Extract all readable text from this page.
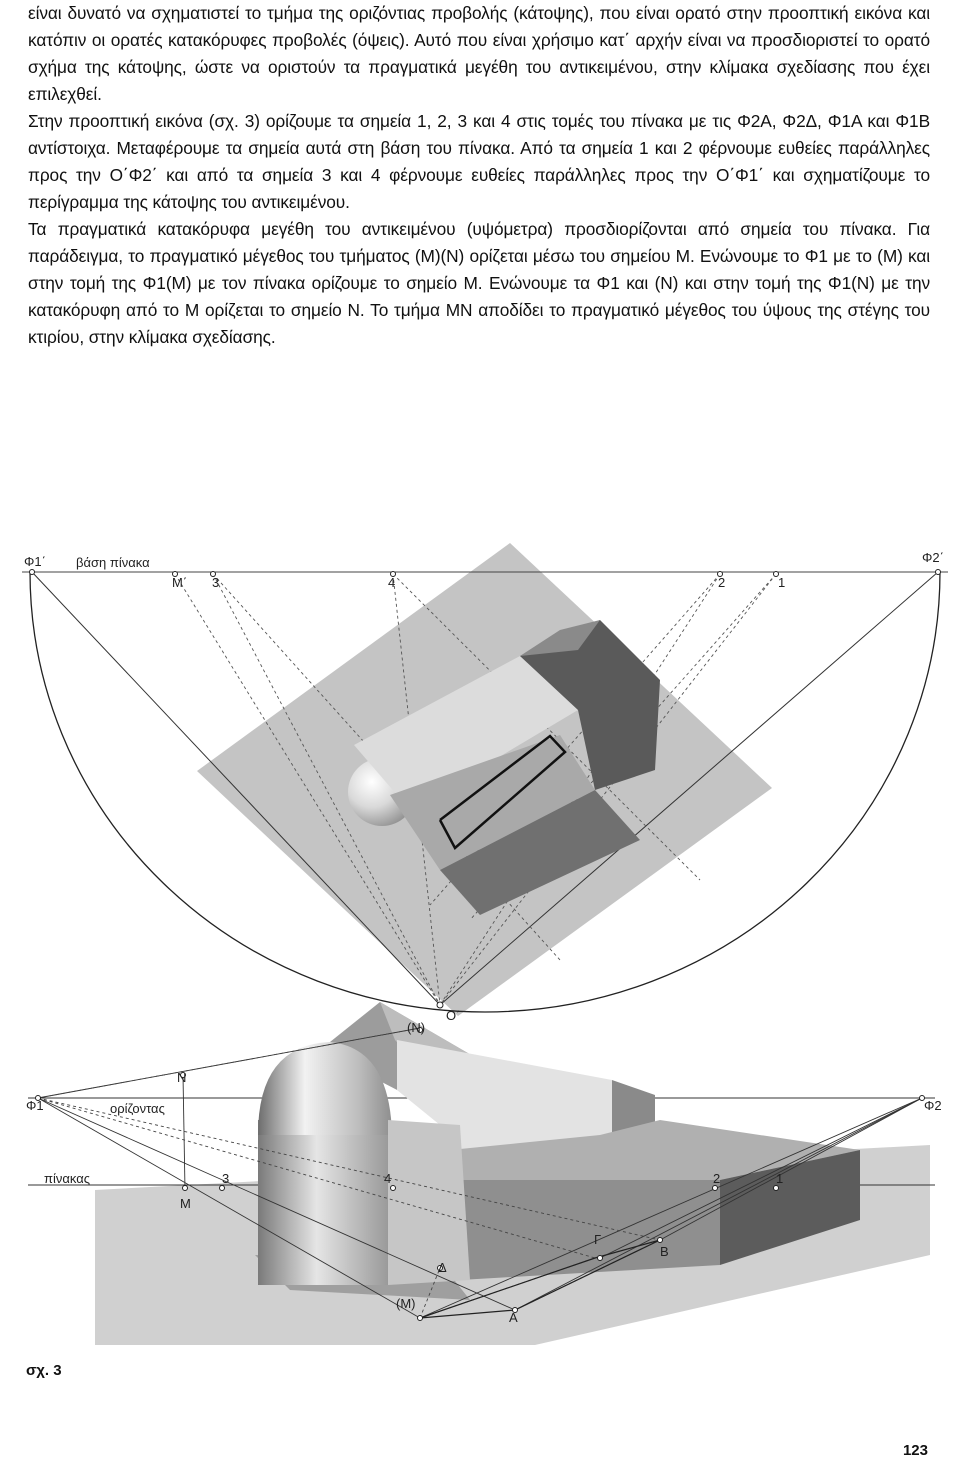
είναι δυνατό να σχηματιστεί το τμήμα της οριζόντιας προβολής (κάτοψης), που είναι ορατό στην προοπτική εικόνα και κατόπιν οι ορατές κατακόρυφες προβολές (όψεις). Αυτό που είναι χρήσιμο κατ΄ αρχήν είναι να προσδιοριστεί το ορατό σχήμα της κάτοψης, ώστε να οριστούν τα πραγματικά μεγέθη του αντικειμένου, στην κλίμακα σχεδίασης που έχει επιλεχθεί.

Στην προοπτική εικόνα (σχ. 3) ορίζουμε τα σημεία 1, 2, 3 και 4 στις τομές του πίνακα με τις Φ2Α, Φ2Δ, Φ1Α και Φ1Β αντίστοιχα. Μεταφέρουμε τα σημεία αυτά στη βάση του πίνακα. Από τα σημεία 1 και 2 φέρνουμε ευθείες παράλληλες προς την Ο΄Φ2΄ και από τα σημεία 3 και 4 φέρνουμε ευθείες παράλληλες προς την Ο΄Φ1΄ και σχηματίζουμε το περίγραμμα της κάτοψης του αντικειμένου.

Τα πραγματικά κατακόρυφα μεγέθη του αντικειμένου (υψόμετρα) προσδιορίζονται από σημεία του πίνακα. Για παράδειγμα, το πραγματικό μέγεθος του τμήματος (Μ)(Ν) ορίζεται μέσω του σημείου Μ. Ενώνουμε το Φ1 με το (Μ) και στην τομή της Φ1(Μ) με τον πίνακα ορίζουμε το σημείο Μ. Ενώνουμε τα Φ1 και (Ν) και στην τομή της Φ1(Ν) με την κατακόρυφη από το Μ ορίζεται το σημείο Ν. Το τμήμα ΜΝ αποδίδει το πραγματικό μέγεθος του ύψους της στέγης του κτιρίου, στην κλίμακα σχεδίασης.

Φ1΄	Φ2΄
βάση πίνακα
Μ΄ 3	4	2	1
Ο΄
(Ν)
Ν
Φ1	Φ2
ορίζοντας
πίνακας
Μ
3	4	2	1
Γ
Β
Δ
(Μ)
Α
σχ. 3
123
